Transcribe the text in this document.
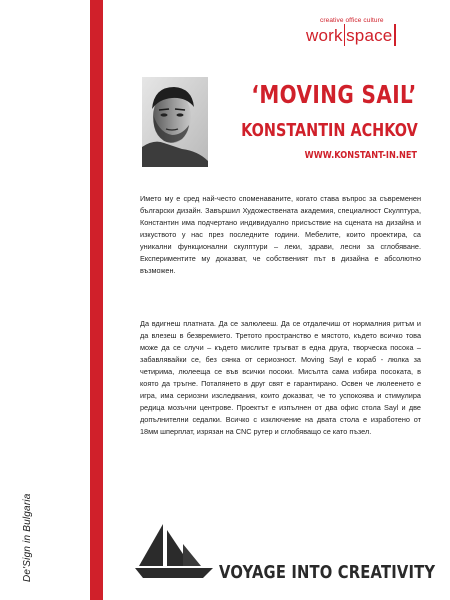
creative office culture
work space
‘MOVING SAIL’
KONSTANTIN ACHKOV
WWW.KONSTANT-IN.NET

Името му е сред най-често споменаваните, когато става въпрос за съвременен български дизайн. Завършил Художествената академия, специалност Скулптура, Константин има подчертано индивидуално присъствие на сцената на дизайна и изкуството у нас през последните години. Мебелите, които проектира, са уникални функционални скулптури – леки, здрави, лесни за сглобяване. Експериментите му доказват, че собственият път в дизайна е абсолютно възможен.

Да вдигнеш платната. Да се залюлееш. Да се отдалечиш от нормалния ритъм и да влезеш в безвремието. Третото пространство е мястото, където всичко това може да се случи – където мислите тръгват в една друга, творческа посока – забавлявайки се, без сянка от сериозност. Moving Sayl е кораб - люлка за четирима, люлееща се във всички посоки. Мисълта сама избира посоката, в която да тръгне. Потапянето в друг свят е гарантирано. Освен че люлеенето е игра, има сериозни изследвания, които доказват, че то успокоява и стимулира редица мозъчни центрове. Проектът е изпълнен от два офис стола Sayl и две допълнителни седалки. Всичко с изключение на двата стола е изработено от 18мм шперплат, изрязан на CNC рутер и сглобяващо се като пъзел.

De'Sign in Bulgaria	VOYAGE INTO CREATIVITY
